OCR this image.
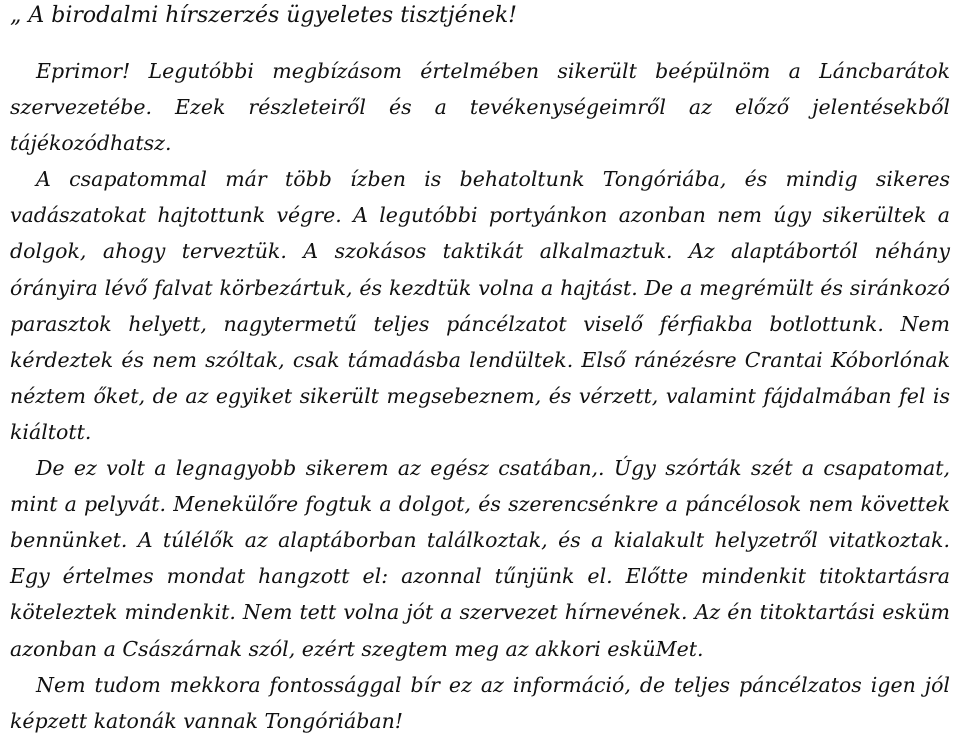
„ A birodalmi hírszerzés ügyeletes tisztjének!

Eprimor! Legutóbbi megbízásom értelmében sikerült beépülnöm a Láncbarátok szervezetébe. Ezek részleteiről és a tevékenységeimről az előző jelentésekből tájékozódhatsz.

A csapatommal már több ízben is behatoltunk Tongóriába, és mindig sikeres vadászatokat hajtottunk végre. A legutóbbi portyánkon azonban nem úgy sikerültek a dolgok, ahogy terveztük. A szokásos taktikát alkalmaztuk. Az alaptábortól néhány órányira lévő falvat körbezártuk, és kezdtük volna a hajtást. De a megrémült és siránkozó parasztok helyett, nagytermetű teljes páncélzatot viselő férfiakba botlottunk. Nem kérdeztek és nem szóltak, csak támadásba lendültek. Első ránézésre Crantai Kóborlónak néztem őket, de az egyiket sikerült megsebeznem, és vérzett, valamint fájdalmában fel is kiáltott.

De ez volt a legnagyobb sikerem az egész csatában,. Úgy szórták szét a csapatomat, mint a pelyvát. Menekülőre fogtuk a dolgot, és szerencsénkre a páncélosok nem követtek bennünket. A túlélők az alaptáborban találkoztak, és a kialakult helyzetről vitatkoztak. Egy értelmes mondat hangzott el: azonnal tűnjünk el. Előtte mindenkit titoktartásra köteleztek mindenkit. Nem tett volna jót a szervezet hírnevének. Az én titoktartási esküm azonban a Császárnak szól, ezért szegtem meg az akkori esküMet.

Nem tudom mekkora fontossággal bír ez az információ, de teljes páncélzatos igen jól képzett katonák vannak Tongóriában!
